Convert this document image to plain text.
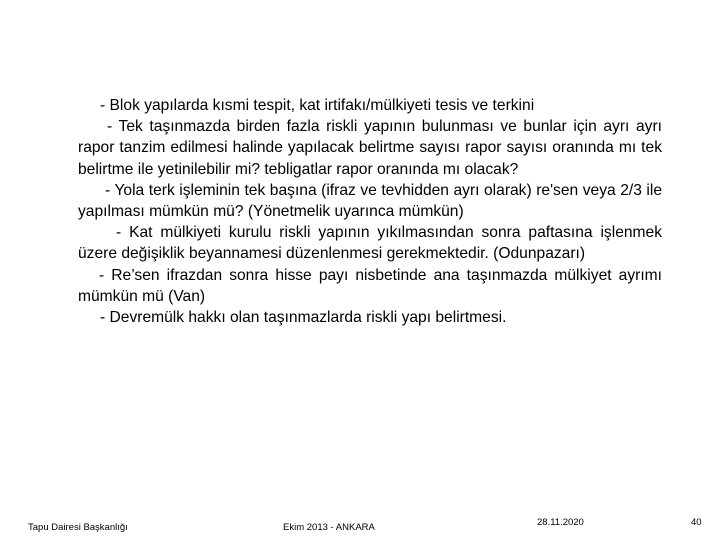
- Blok yapılarda kısmi tespit, kat irtifakı/mülkiyeti tesis ve terkini

- Tek taşınmazda birden fazla riskli yapının bulunması ve bunlar için ayrı ayrı rapor tanzim edilmesi halinde yapılacak belirtme sayısı rapor sayısı oranında mı tek belirtme ile yetinilebilir mi? tebligatlar rapor oranında mı olacak?

- Yola terk işleminin tek başına (ifraz ve tevhidden ayrı olarak) re'sen veya 2/3 ile yapılması mümkün mü? (Yönetmelik uyarınca mümkün)

- Kat mülkiyeti kurulu riskli yapının yıkılmasından sonra paftasına işlenmek üzere değişiklik beyannamesi düzenlenmesi gerekmektedir. (Odunpazarı)

- Re’sen ifrazdan sonra hisse payı nisbetinde ana taşınmazda mülkiyet ayrımı mümkün mü (Van)

- Devremülk hakkı olan taşınmazlarda riskli yapı belirtmesi.

Tapu Dairesi Başkanlığı	Ekim 2013 - ANKARA	28.11.2020	40
